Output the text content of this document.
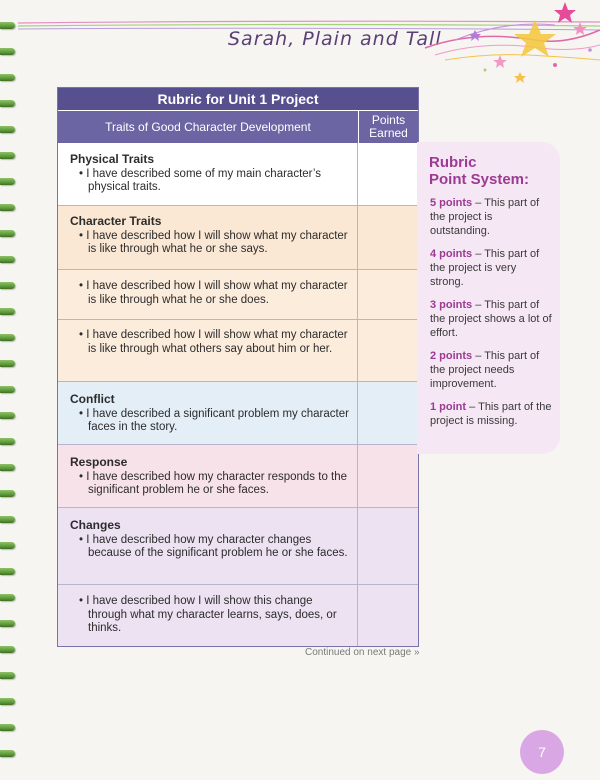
Sarah, Plain and Tall
Rubric for Unit 1 Project
Traits of Good Character Development	Points
Earned
Physical Traits
• I have described some of my main character’s physical traits.
Character Traits
• I have described how I will show what my character is like through what he or she says.
• I have described how I will show what my character is like through what he or she does.
• I have described how I will show what my character is like through what others say about him or her.
Conflict
• I have described a significant problem my character faces in the story.
Response
• I have described how my character responds to the significant problem he or she faces.
Changes
• I have described how my character changes because of the significant problem he or she faces.
• I have described how I will show this change through what my character learns, says, does, or thinks.
Rubric
Point System:
5 points – This part of the project is outstanding.
4 points – This part of the project is very strong.
3 points – This part of the project shows a lot of effort.
2 points – This part of the project needs improvement.
1 point – This part of the project is missing.
Continued on next page »
7
